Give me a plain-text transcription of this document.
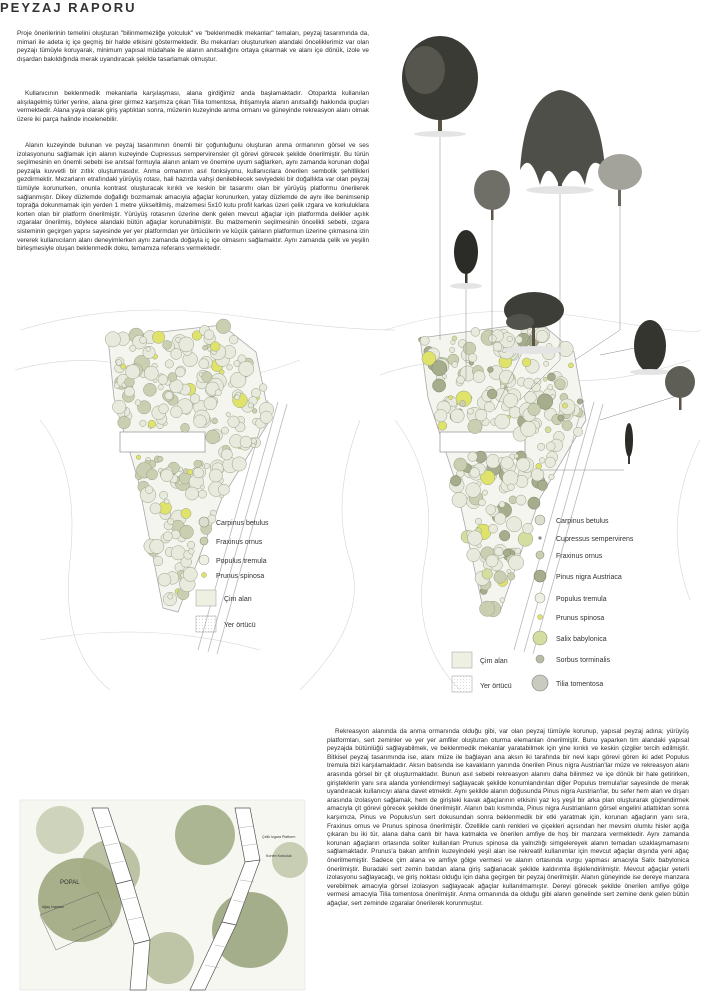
PEYZAJ RAPORU

Proje önerilerinin temelini oluşturan "bilinmemezliğe yolculuk" ve "beklenmedik mekanlar" temaları, peyzaj tasarımında da, mimari ile adeta iç içe geçmiş bir halde etkisini göstermektedir. Bu mekanları oluştururken alandaki önceliklerimiz var olan peyzajı tümüyle koruyarak, minimum yapısal müdahale ile alanın anıtsallığını ortaya çıkarmak ve alanı içe dönük, izole ve dışardan bakıldığında merak uyandıracak şekilde tasarlamak olmuştur.

Kullanıcının beklenmedik mekanlarla karşılaşması, alana girdiğimiz anda başlamaktadır. Otoparkta kullanılan alışılagelmiş türler yerine, alana girer girmez karşımıza çıkan Tilia tomentosa, ihtişamıyla alanın anıtsallığı hakkında ipuçları vermektedir. Alana yaya olarak giriş yaptıktan sonra, müzenin kuzeyinde anma ormanı ve güneyinde rekreasyon alanı olmak üzere iki parça halinde incelenebilir.

Alanın kuzeyinde bulunan ve peyzaj tasarımının önemli bir çoğunluğunu oluşturan anma ormanının görsel ve ses izolasyonunu sağlamak için alanın kuzeyinde Cupressus sempervirensler çit görevi görecek şekilde önerilmiştir. Bu türün seçilmesinin en önemli sebebi ise anıtsal formuyla alanın anlam ve önemine uyum sağlarken, aynı zamanda korunan doğal peyzajla kuvvetli bir zıtlık oluşturmasıdır. Anma ormanının asıl fonksiyonu, kullanıcılara önerilen sembolik şehitlikleri gezdirmektir. Mezarların etrafındaki yürüyüş rotası, hali hazırda vahşi denilebilecek seviyedeki bir doğallıkta var olan peyzaj tümüyle korunurken, onunla kontrast oluşturacak kırıklı ve keskin bir tasarımı olan bir yürüyüş platformu önerilerek sağlanmıştır. Dikey düzlemde doğallığı bozmamak amacıyla ağaçlar korunurken, yatay düzlemde de aynı ilke benimsenip toprağa dokunmamak için yerden 1 metre yükseltilmiş, malzemesi 5x10 kutu profil karkas üzeri çelik ızgara ve korkuluklara korten olan bir platform önerilmiştir. Yürüyüş rotasının üzerine denk gelen mevcut ağaçlar için platformda delikler açılık ızgaralar önerilmiş, böylece alandaki bütün ağaçlar korunabilmiştir. Bu malzemenin seçilmesinin öncelikli sebebi, ızgara sisteminin geçirgen yapısı sayesinde yer yer platformdan yer örtücülerin ve küçük çalıların platformun üzerine çıkmasına izin vererek kullanıcıların alanı deneyimlerken aynı zamanda doğayla iç içe olmasını sağlamaktır. Aynı zamanda çelik ve yeşilin birleşmesiyle oluşan beklenmedik doku, temamıza referans vermektedir.

Rekreasyon alanında da anma ormanında olduğu gibi, var olan peyzaj tümüyle korunup, yapısal peyzaj adına; yürüyüş platformları, sert zeminler ve yer yer amfiler oluşturan oturma elemanları önerilmiştir. Bunu yaparken tim alandaki yapısal peyzajda bütünlüğü sağlayabilmek, ve beklenmedik mekanlar yaratabilmek için yine kırıklı ve keskin çizgiler tercih edilmiştir. Bitkisel peyzaj tasarımında ise, alanı müze ile bağlayan ana aksın iki tarafında bir nevi kapı görevi gören iki adet Populus tremula bizi karşılamaktadır. Aksın batısında ise kavakların yanında önerilen Pinus nigra Austrian'lar müze ve rekreasyon alanı arasında görsel bir çit oluşturmaktadır. Bunun asıl sebebi rekreasyon alanını daha bilinmez ve içe dönük bir hale getirirken, girişteklerin yanı sıra alanda yonlendirmeyi sağlayacak şekilde konumlandırılan diğer Populus tremula'lar sayesinde de merak uyandıracak kullanıcıyı alana davet etmektir. Aynı şekilde alanın doğusunda Pinus nigra Austrian'lar, bu sefer hem alan ve dışarı arasında izolasyon sağlamak, hem de girişteki kavak ağaçlarının etkisini yaz kış yeşil bir arka plan oluşturarak güçlendirmek amacıyla çit görevi görecek şekilde önerilmiştir. Alanın batı kısmında, Pinus nigra Austrianların görsel engelini atlattıktan sonra karşımıza, Pinus ve Populus'un sert dokusundan sonra beklenmedik bir etki yaratmak için, korunan ağaçların yanı sıra, Fraxinus ornus ve Prunus spinosa önerilmiştir. Özellikle canlı renkleri ve çiçekleri açısından her mevsim olumlu hisler açığa çıkaran bu iki tür, alana daha canlı bir hava katmakta ve önerilen amfiye de hoş bir manzara vermektedir. Aynı zamanda korunan ağaçların ortasında soliter kullanılan Prunus spinosa da yalnızlığı simgelereyek alanın temadan uzaklaşmamasını sağlamaktadır. Prunus'a bakan amfinin kuzeyindeki yeşil alan ise rekreatif kullanımlar için mevcut ağaçlar dışında yeni ağaç önerilmemiştir. Sadece çim alana ve amfiye gölge vermesi ve alanın ortasında vurgu yapması amacıyla Salix babylonica önerilmiştir. Buradaki sert zemin batıdan alana giriş sağlanacak şekilde kaldırımla ilişkilendirilmiştir. Mevcut ağaçlar yeterli izolasyonu sağlayacağı, ve giriş noktası olduğu için daha geçirgen bir peyzaj önerilmiştir. Alanın güneyinde ise dereye manzara verebilmek amacıyla görsel izolasyon sağlayacak ağaçlar kullanılmamıştır. Dereyi görecek şekilde önerilen amfiye gölge vermesi amacıyla Tilia tomentosa önerilmiştir. Anma ormanında da olduğu gibi alanın genelinde sert zemine denk gelen bütün ağaçlar, sert zeminde ızgaralar önerilerek korunmuştur.

Carpinus betulus
Fraxinus ornus
Populus tremula
Prunus spinosa
Çim alan
Yer örtücü
Carpinus betulus
Cupressus sempervirens
Fraxinus ornus
Pinus nigra Austriaca
Populus tremula
Prunus spinosa
Salix babylonica
Sorbus torminalis
Tilia tomentosa
Çim alan
Yer örtücü
POPAL
Çelik Izgara Platform
Korten Korkuluk
Ağaç Izgarası
